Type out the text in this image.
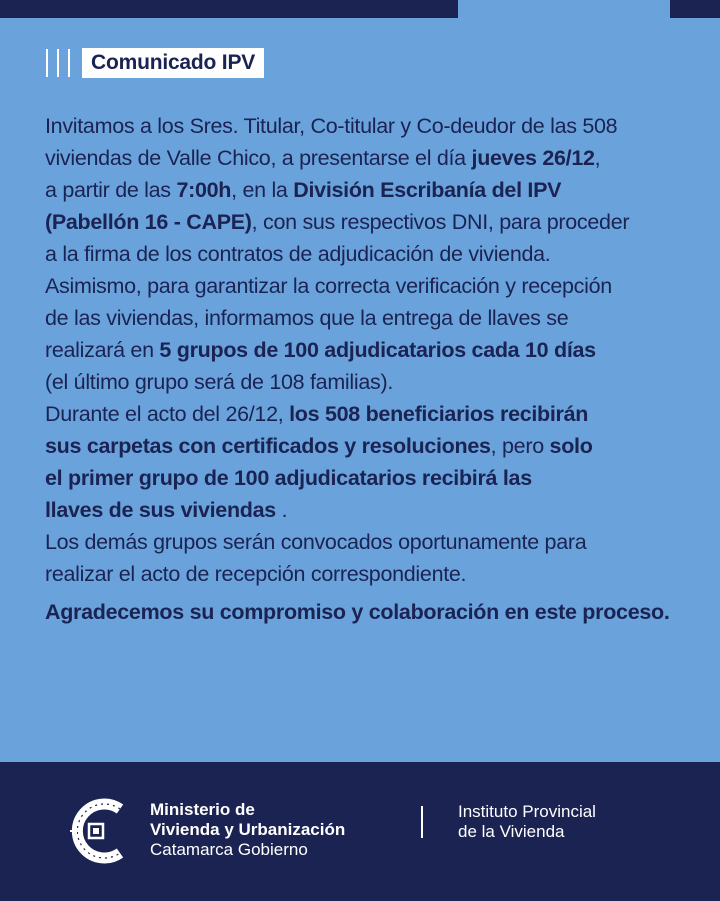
Comunicado IPV
Invitamos a los Sres. Titular, Co-titular y Co-deudor de las 508
viviendas de Valle Chico, a presentarse el día jueves 26/12,
a partir de las 7:00h, en la División Escribanía del IPV
(Pabellón 16 - CAPE), con sus respectivos DNI, para proceder
a la firma de los contratos de adjudicación de vivienda.
Asimismo, para garantizar la correcta verificación y recepción
de las viviendas, informamos que la entrega de llaves se
realizará en 5 grupos de 100 adjudicatarios cada 10 días
(el último grupo será de 108 familias).
Durante el acto del 26/12, los 508 beneficiarios recibirán
sus carpetas con certificados y resoluciones, pero solo
el primer grupo de 100 adjudicatarios recibirá las
llaves de sus viviendas .
Los demás grupos serán convocados oportunamente para
realizar el acto de recepción correspondiente.
Agradecemos su compromiso y colaboración en este proceso.
Ministerio de
Vivienda y Urbanización
Catamarca Gobierno
Instituto Provincial
de la Vivienda
